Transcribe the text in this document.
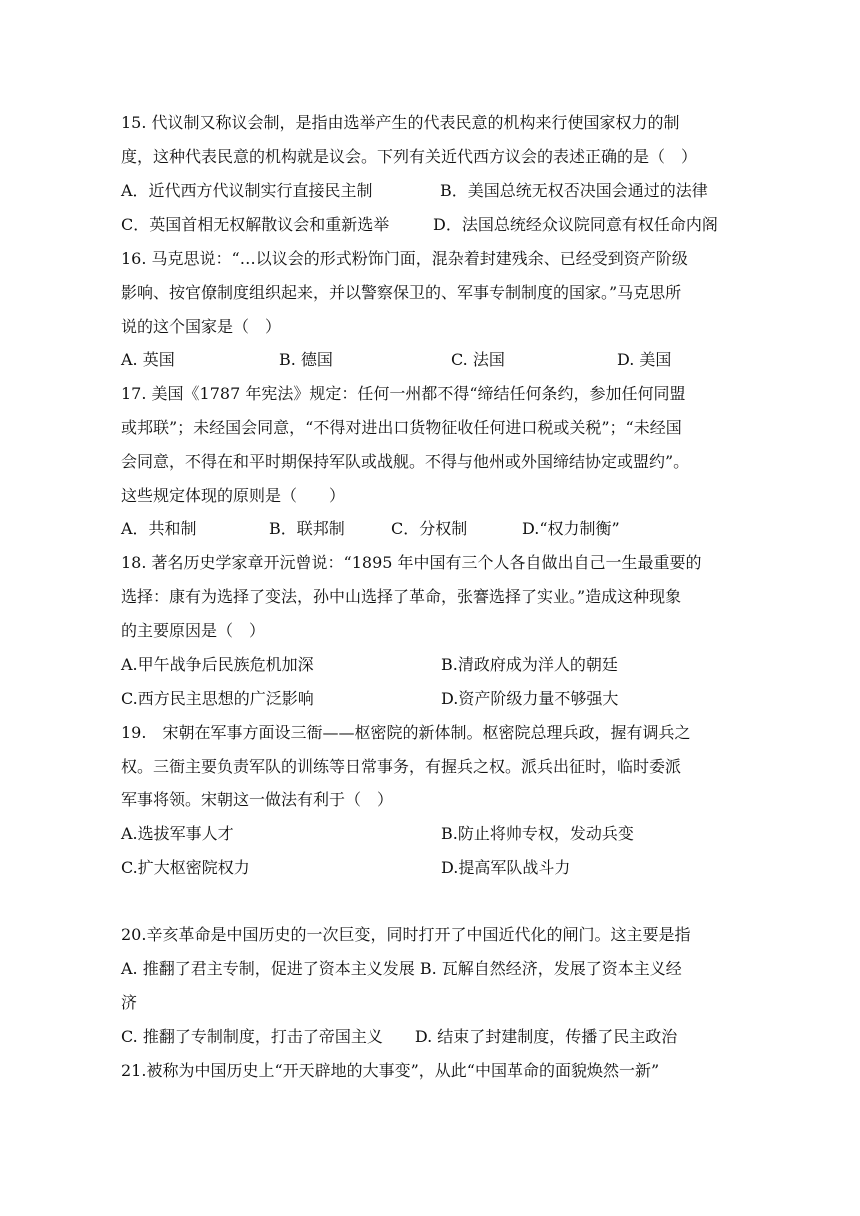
15. 代议制又称议会制，是指由选举产生的代表民意的机构来行使国家权力的制
度，这种代表民意的机构就是议会。下列有关近代西方议会的表述正确的是（　）
A．近代西方代议制实行直接民主制	B．美国总统无权否决国会通过的法律
C．英国首相无权解散议会和重新选举	D．法国总统经众议院同意有权任命内阁
16. 马克思说：“…以议会的形式粉饰门面，混杂着封建残余、已经受到资产阶级
影响、按官僚制度组织起来，并以警察保卫的、军事专制制度的国家。”马克思所
说的这个国家是（　）
A. 英国	B. 德国	C. 法国	D. 美国
17. 美国《1787 年宪法》规定：任何一州都不得“缔结任何条约，参加任何同盟
或邦联”；未经国会同意，“不得对进出口货物征收任何进口税或关税”；“未经国
会同意，不得在和平时期保持军队或战舰。不得与他州或外国缔结协定或盟约”。
这些规定体现的原则是（　　）
A．共和制	B．联邦制	C．分权制	D.“权力制衡”
18. 著名历史学家章开沅曾说：“1895 年中国有三个人各自做出自己一生最重要的
选择：康有为选择了变法，孙中山选择了革命，张謇选择了实业。”造成这种现象
的主要原因是（　）
A.甲午战争后民族危机加深	B.清政府成为洋人的朝廷
C.西方民主思想的广泛影响	D.资产阶级力量不够强大
19.　宋朝在军事方面设三衙——枢密院的新体制。枢密院总理兵政，握有调兵之
权。三衙主要负责军队的训练等日常事务，有握兵之权。派兵出征时，临时委派
军事将领。宋朝这一做法有利于（　）
A.选拔军事人才	B.防止将帅专权，发动兵变
C.扩大枢密院权力	D.提高军队战斗力
20.辛亥革命是中国历史的一次巨变，同时打开了中国近代化的闸门。这主要是指
A. 推翻了君主专制，促进了资本主义发展 B. 瓦解自然经济，发展了资本主义经
济
C. 推翻了专制制度，打击了帝国主义　　D. 结束了封建制度，传播了民主政治
21.被称为中国历史上“开天辟地的大事变”，从此“中国革命的面貌焕然一新”
